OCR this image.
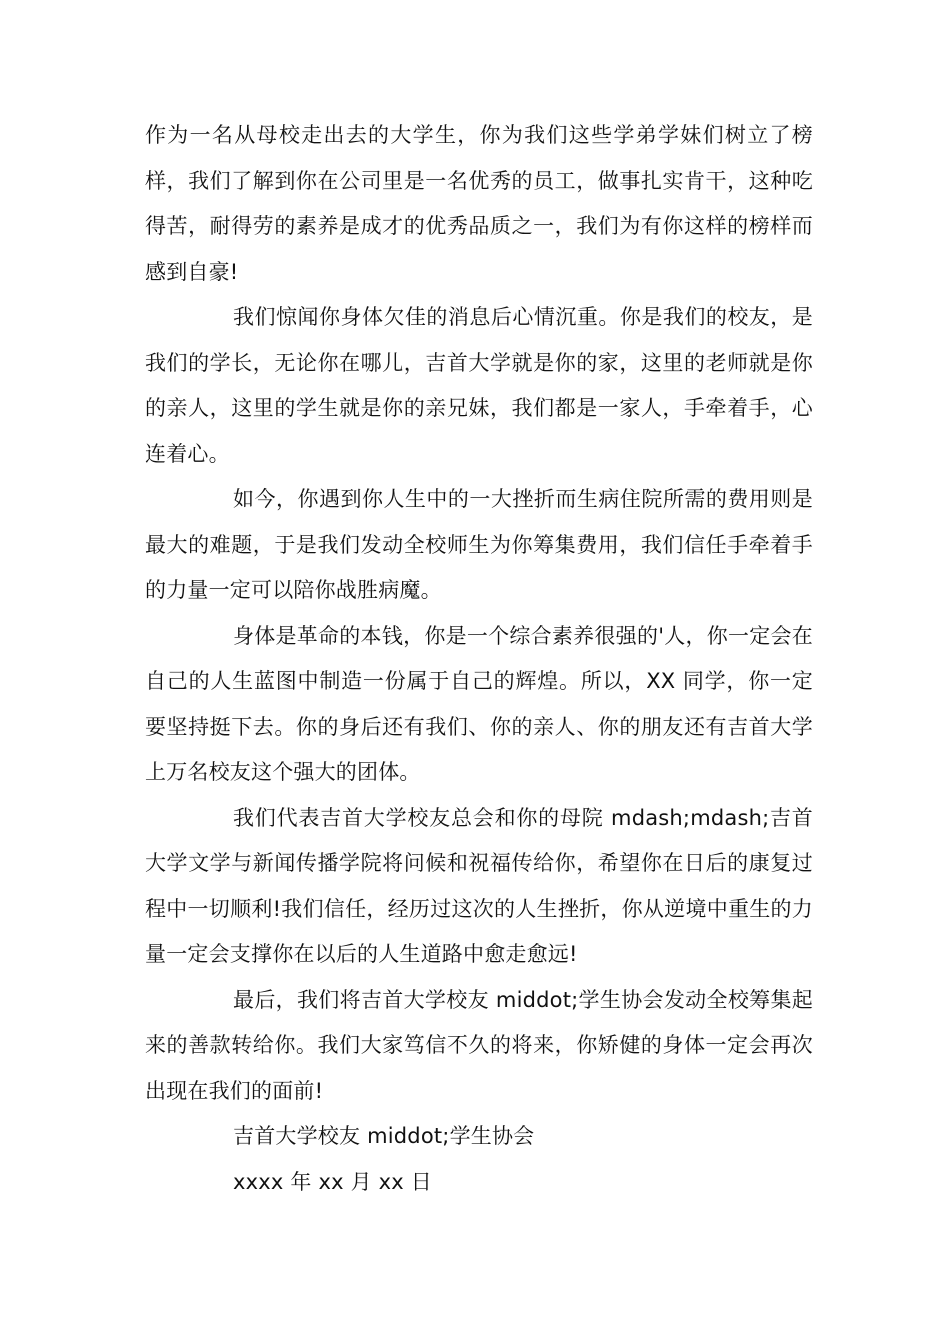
作为一名从母校走出去的大学生，你为我们这些学弟学妹们树立了榜样，我们了解到你在公司里是一名优秀的员工，做事扎实肯干，这种吃得苦，耐得劳的素养是成才的优秀品质之一，我们为有你这样的榜样而感到自豪!

我们惊闻你身体欠佳的消息后心情沉重。你是我们的校友，是我们的学长，无论你在哪儿，吉首大学就是你的家，这里的老师就是你的亲人，这里的学生就是你的亲兄妹，我们都是一家人，手牵着手，心连着心。

如今，你遇到你人生中的一大挫折而生病住院所需的费用则是最大的难题，于是我们发动全校师生为你筹集费用，我们信任手牵着手的力量一定可以陪你战胜病魔。

身体是革命的本钱，你是一个综合素养很强的'人，你一定会在自己的人生蓝图中制造一份属于自己的辉煌。所以，XX 同学，你一定要坚持挺下去。你的身后还有我们、你的亲人、你的朋友还有吉首大学上万名校友这个强大的团体。

我们代表吉首大学校友总会和你的母院 mdash;mdash;吉首大学文学与新闻传播学院将问候和祝福传给你，希望你在日后的康复过程中一切顺利!我们信任，经历过这次的人生挫折，你从逆境中重生的力量一定会支撑你在以后的人生道路中愈走愈远!

最后，我们将吉首大学校友 middot;学生协会发动全校筹集起来的善款转给你。我们大家笃信不久的将来，你矫健的身体一定会再次出现在我们的面前!

吉首大学校友 middot;学生协会

xxxx 年 xx 月 xx 日
